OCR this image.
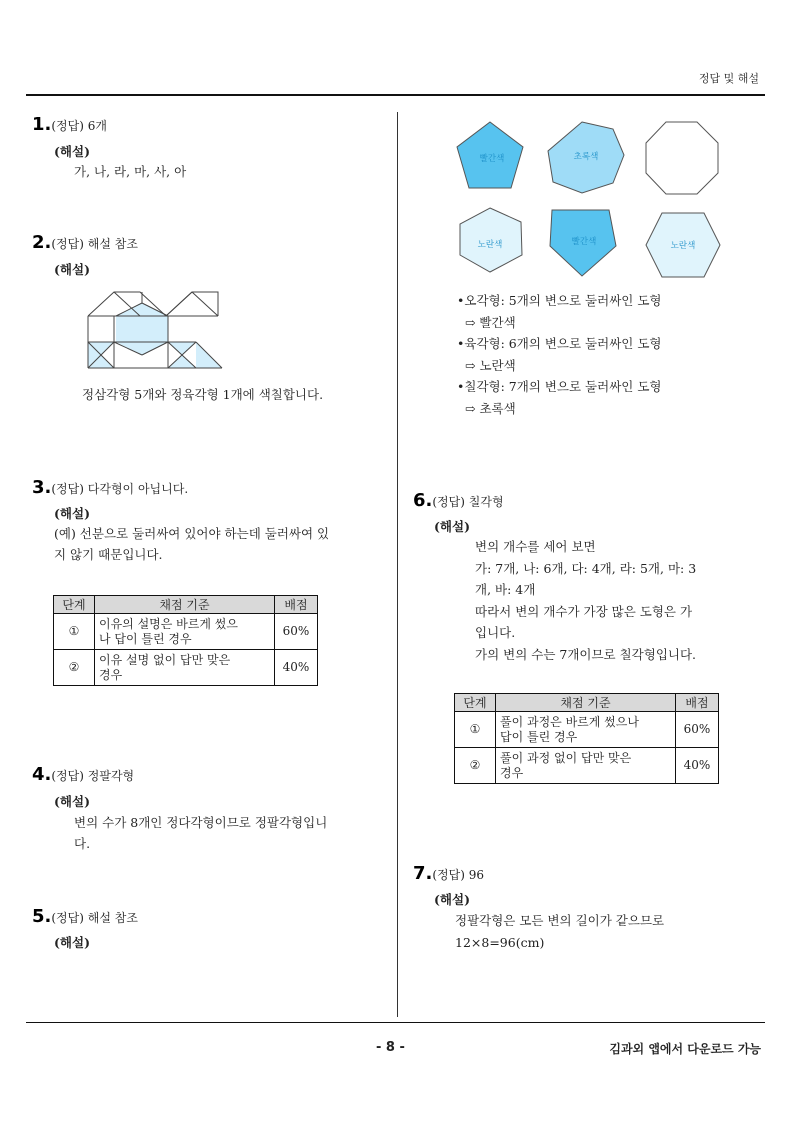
정답 및 해설
1.(정답) 6개
(해설)
가, 나, 라, 마, 사, 아
2.(정답) 해설 참조
(해설)
정삼각형 5개와 정육각형 1개에 색칠합니다.
3.(정답) 다각형이 아닙니다.
(해설)
(예) 선분으로 둘러싸여 있어야 하는데 둘러싸여 있
지 않기 때문입니다.
단계	채점 기준	배점
①	이유의 설명은 바르게 썼으
나 답이 틀린 경우	60%
②	이유 설명 없이 답만 맞은
경우	40%
4.(정답) 정팔각형
(해설)
변의 수가 8개인 정다각형이므로 정팔각형입니
다.
5.(정답) 해설 참조
(해설)
빨간색	초록색
노란색	빨간색	노란색
•오각형: 5개의 변으로 둘러싸인 도형
⇨ 빨간색
•육각형: 6개의 변으로 둘러싸인 도형
⇨ 노란색
•칠각형: 7개의 변으로 둘러싸인 도형
⇨ 초록색
6.(정답) 칠각형
(해설)
변의 개수를 세어 보면
가: 7개, 나: 6개, 다: 4개, 라: 5개, 마: 3
개, 바: 4개
따라서 변의 개수가 가장 많은 도형은 가
입니다.
가의 변의 수는 7개이므로 칠각형입니다.
단계	채점 기준	배점
①	풀이 과정은 바르게 썼으나
답이 틀린 경우	60%
②	풀이 과정 없이 답만 맞은
경우	40%
7.(정답) 96
(해설)
정팔각형은 모든 변의 길이가 같으므로
12×8=96(cm)
- 8 -	김과외 앱에서 다운로드 가능
